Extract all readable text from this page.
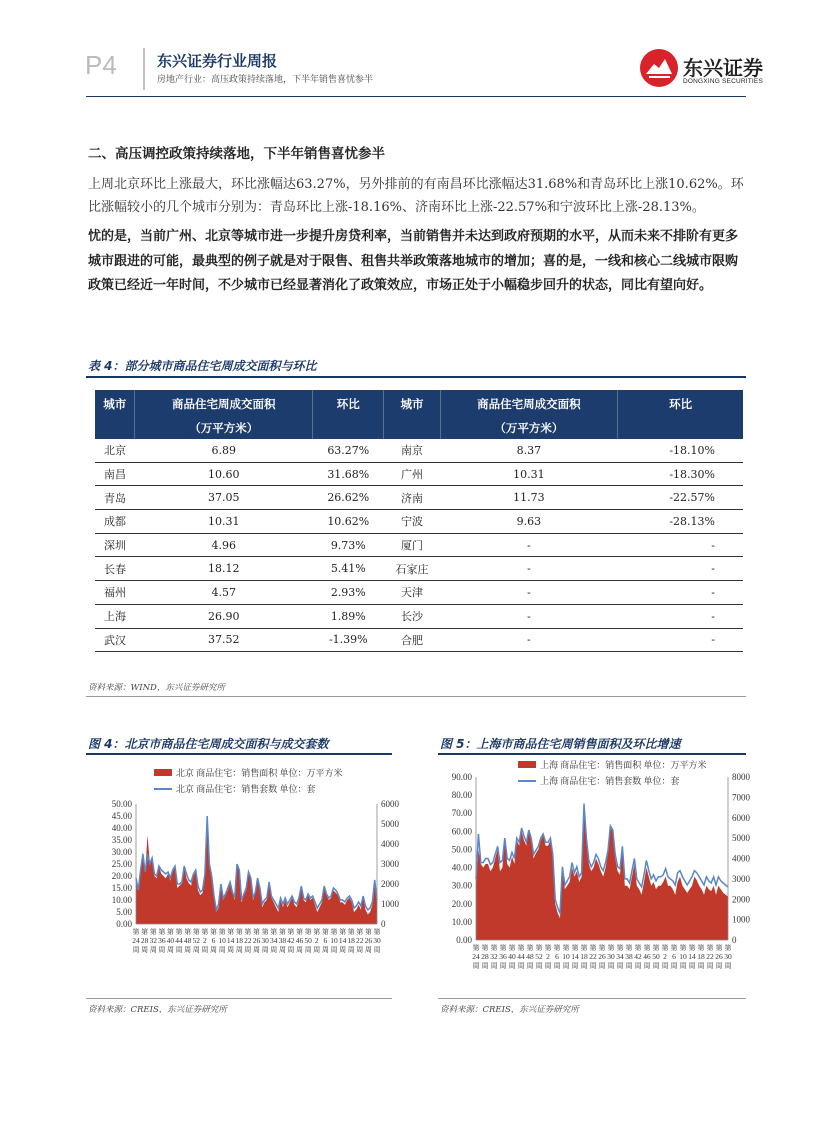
P4	东兴证券行业周报
房地产行业：高压政策持续落地，下半年销售喜忧参半	东兴证券
DONGXING SECURITIES
二、高压调控政策持续落地，下半年销售喜忧参半

上周北京环比上涨最大，环比涨幅达63.27%，另外排前的有南昌环比涨幅达31.68%和青岛环比上涨10.62%。环比涨幅较小的几个城市分别为：青岛环比上涨-18.16%、济南环比上涨-22.57%和宁波环比上涨-28.13%。

忧的是，当前广州、北京等城市进一步提升房贷利率，当前销售并未达到政府预期的水平，从而未来不排阶有更多城市跟进的可能，最典型的例子就是对于限售、租售共举政策落地城市的增加；喜的是，一线和核心二线城市限购政策已经近一年时间，不少城市已经显著消化了政策效应，市场正处于小幅稳步回升的状态，同比有望向好。

表 4：部分城市商品住宅周成交面积与环比
城市	商品住宅周成交面积	环比	城市	商品住宅周成交面积	环比
	（万平方米）			（万平方米）	
北京	6.89	63.27%	南京	8.37	-18.10%
南昌	10.60	31.68%	广州	10.31	-18.30%
青岛	37.05	26.62%	济南	11.73	-22.57%
成都	10.31	10.62%	宁波	9.63	-28.13%
深圳	4.96	9.73%	厦门	-	-
长春	18.12	5.41%	石家庄	-	-
福州	4.57	2.93%	天津	-	-
上海	26.90	1.89%	长沙	-	-
武汉	37.52	-1.39%	合肥	-	-
资料来源：WIND，东兴证券研究所
图 4：北京市商品住宅周成交面积与成交套数	图 5：上海市商品住宅周销售面积及环比增速
北京 商品住宅：销售面积 单位：万平方米
北京 商品住宅：销售套数 单位：套
0.00
5.00
10.00
15.00
20.00
25.00
30.00
35.00
40.00
45.00
50.00
0
1000
2000
3000
4000
5000
6000
第
24
周
第
28
周
第
32
周
第
36
周
第
40
周
第
44
周
第
48
周
第
52
周
第
2
周
第
6
周
第
10
周
第
14
周
第
18
周
第
22
周
第
26
周
第
30
周
第
34
周
第
38
周
第
42
周
第
46
周
第
50
周
第
2
周
第
6
周
第
10
周
第
14
周
第
18
周
第
22
周
第
26
周
第
30
周
上海 商品住宅：销售面积 单位：万平方米
上海 商品住宅：销售套数 单位：套
0.00
10.00
20.00
30.00
40.00
50.00
60.00
70.00
80.00
90.00
0
1000
2000
3000
4000
5000
6000
7000
8000
第
24
周
第
28
周
第
32
周
第
36
周
第
40
周
第
44
周
第
48
周
第
52
周
第
2
周
第
6
周
第
10
周
第
14
周
第
18
周
第
22
周
第
26
周
第
30
周
第
34
周
第
38
周
第
42
周
第
46
周
第
50
周
第
2
周
第
6
周
第
10
周
第
14
周
第
18
周
第
22
周
第
26
周
第
30
周
资料来源：CREIS，东兴证券研究所	资料来源：CREIS，东兴证券研究所
